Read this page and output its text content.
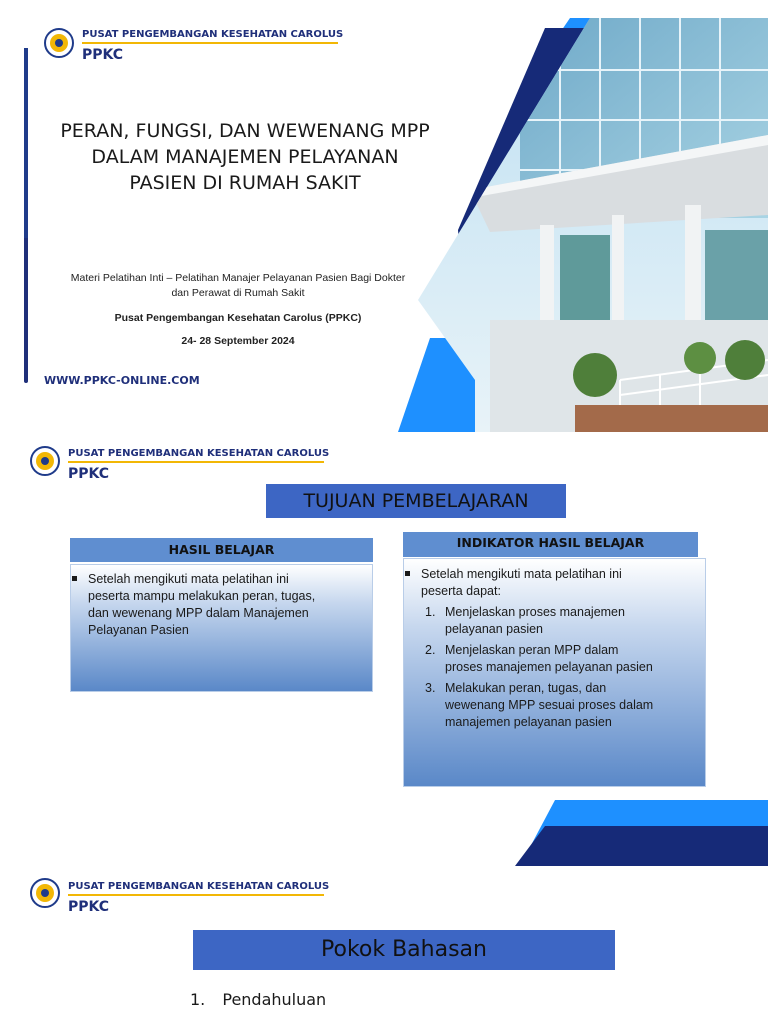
PUSAT PENGEMBANGAN KESEHATAN CAROLUS
PPKC
PERAN, FUNGSI, DAN WEWENANG MPP
DALAM MANAJEMEN PELAYANAN
PASIEN DI RUMAH SAKIT
Materi Pelatihan Inti – Pelatihan Manajer Pelayanan Pasien Bagi Dokter
dan Perawat di Rumah Sakit
Pusat Pengembangan Kesehatan Carolus (PPKC)
24- 28 September 2024
WWW.PPKC-ONLINE.COM
PUSAT PENGEMBANGAN KESEHATAN CAROLUS
PPKC
TUJUAN PEMBELAJARAN
HASIL BELAJAR
Setelah mengikuti mata pelatihan ini
peserta mampu melakukan peran, tugas,
dan wewenang MPP dalam Manajemen
Pelayanan Pasien
INDIKATOR HASIL BELAJAR
Setelah mengikuti mata pelatihan ini
peserta dapat:
1. Menjelaskan proses manajemen
pelayanan pasien
2. Menjelaskan peran MPP dalam
proses manajemen pelayanan pasien
3. Melakukan peran, tugas, dan
wewenang MPP sesuai proses dalam
manajemen pelayanan pasien
PUSAT PENGEMBANGAN KESEHATAN CAROLUS
PPKC
Pokok Bahasan
1. Pendahuluan
